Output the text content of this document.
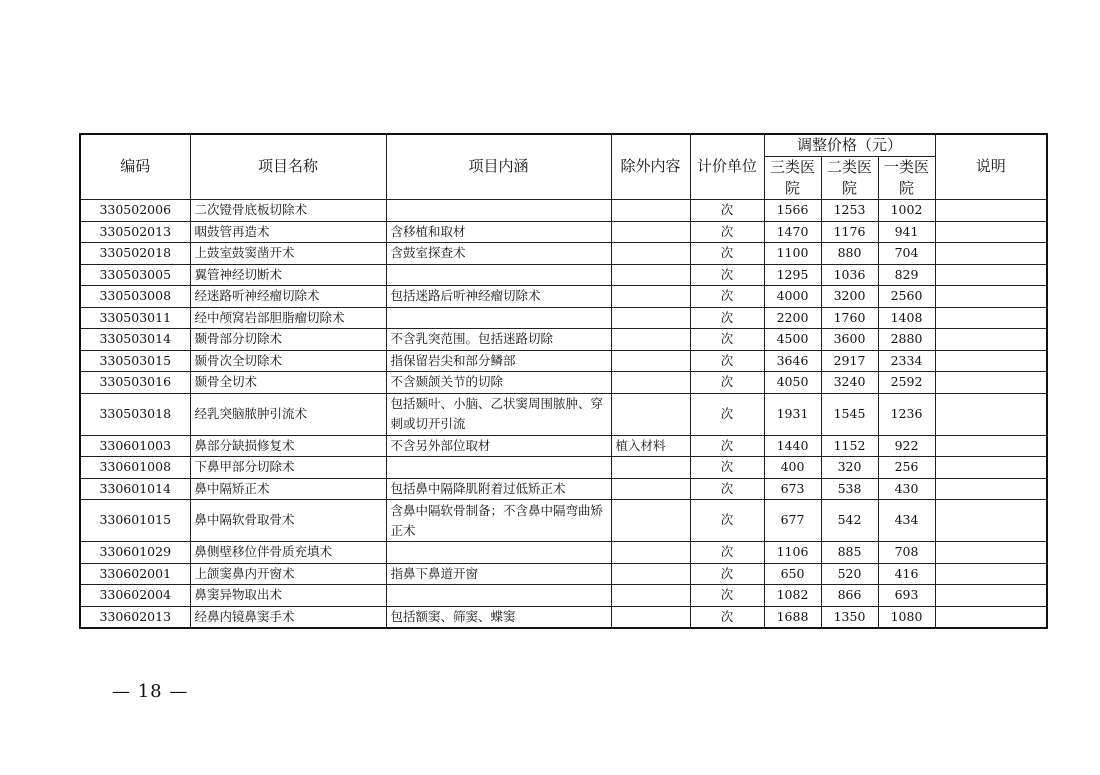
编码	项目名称	项目内涵	除外内容	计价单位	调整价格（元）			说明
					三类医院	二类医院	一类医院	

330502006	二次镫骨底板切除术			次	1566	1253	1002	
330502013	咽鼓管再造术	含移植和取材		次	1470	1176	941	
330502018	上鼓室鼓窦凿开术	含鼓室探查术		次	1100	880	704	
330503005	翼管神经切断术			次	1295	1036	829	
330503008	经迷路听神经瘤切除术	包括迷路后听神经瘤切除术		次	4000	3200	2560	
330503011	经中颅窝岩部胆脂瘤切除术			次	2200	1760	1408	
330503014	颞骨部分切除术	不含乳突范围。包括迷路切除		次	4500	3600	2880	
330503015	颞骨次全切除术	指保留岩尖和部分鳞部		次	3646	2917	2334	
330503016	颞骨全切术	不含颞颌关节的切除		次	4050	3240	2592	
330503018	经乳突脑脓肿引流术	包括颞叶、小脑、乙状窦周围脓肿、穿刺或切开引流		次	1931	1545	1236	
330601003	鼻部分缺损修复术	不含另外部位取材	植入材料	次	1440	1152	922	
330601008	下鼻甲部分切除术			次	400	320	256	
330601014	鼻中隔矫正术	包括鼻中隔降肌附着过低矫正术		次	673	538	430	
330601015	鼻中隔软骨取骨术	含鼻中隔软骨制备；不含鼻中隔弯曲矫正术		次	677	542	434	
330601029	鼻侧壁移位伴骨质充填术			次	1106	885	708	
330602001	上颌窦鼻内开窗术	指鼻下鼻道开窗		次	650	520	416	
330602004	鼻窦异物取出术			次	1082	866	693	
330602013	经鼻内镜鼻窦手术	包括额窦、筛窦、蝶窦		次	1688	1350	1080	
— 18 —
